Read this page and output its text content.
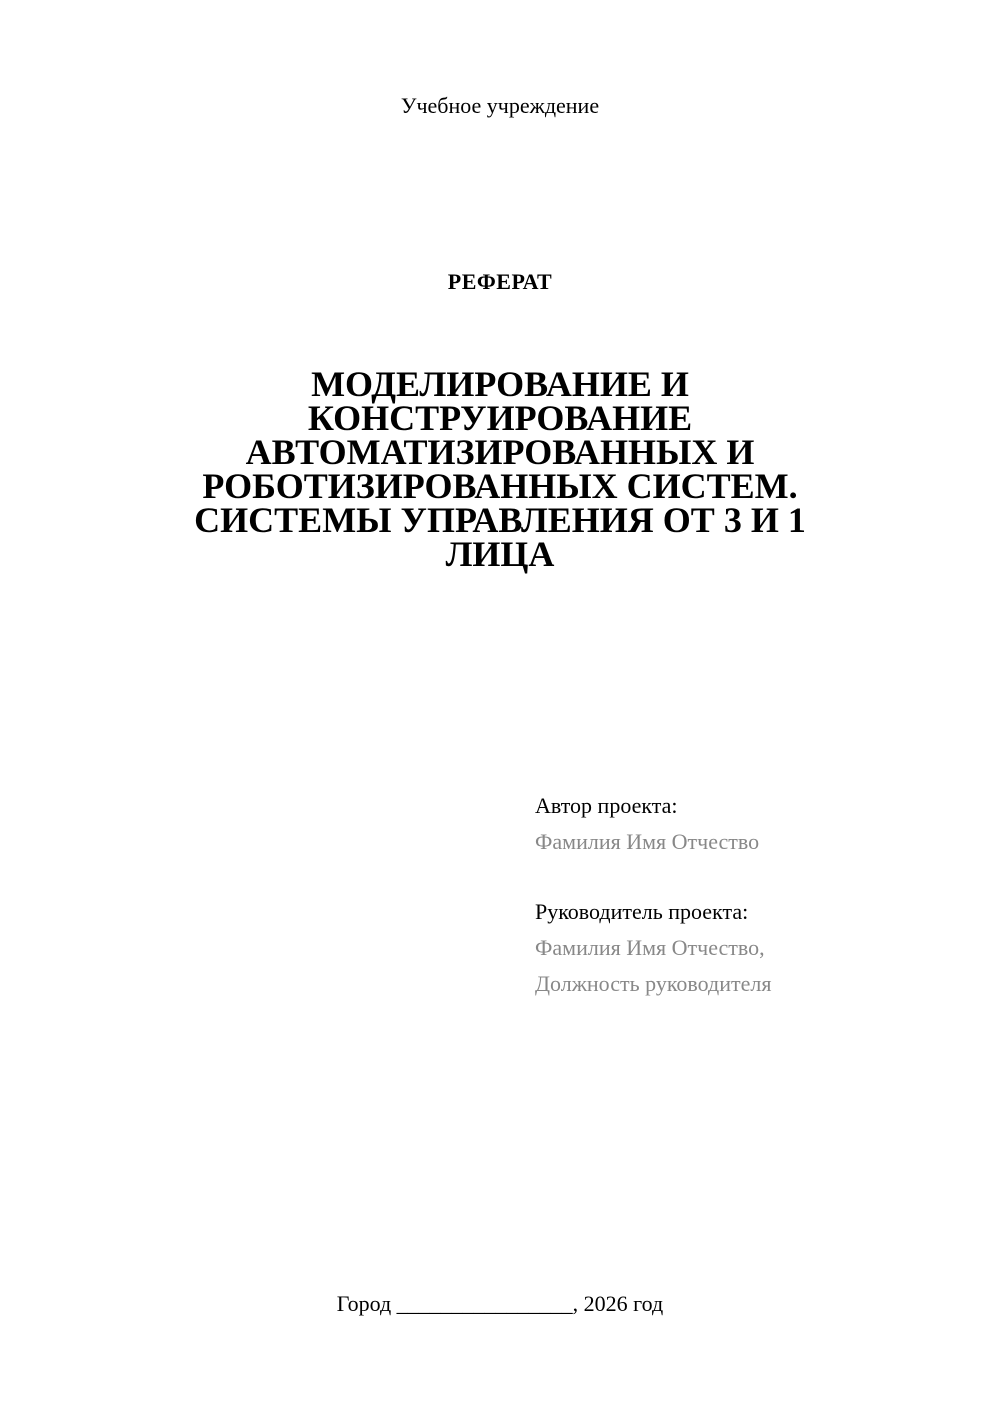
Учебное учреждение
РЕФЕРАТ
МОДЕЛИРОВАНИЕ И
КОНСТРУИРОВАНИЕ
АВТОМАТИЗИРОВАННЫХ И
РОБОТИЗИРОВАННЫХ СИСТЕМ.
СИСТЕМЫ УПРАВЛЕНИЯ ОТ 3 И 1
ЛИЦА
Автор проекта:
Фамилия Имя Отчество
Руководитель проекта:
Фамилия Имя Отчество,
Должность руководителя
Город ________________, 2026 год
